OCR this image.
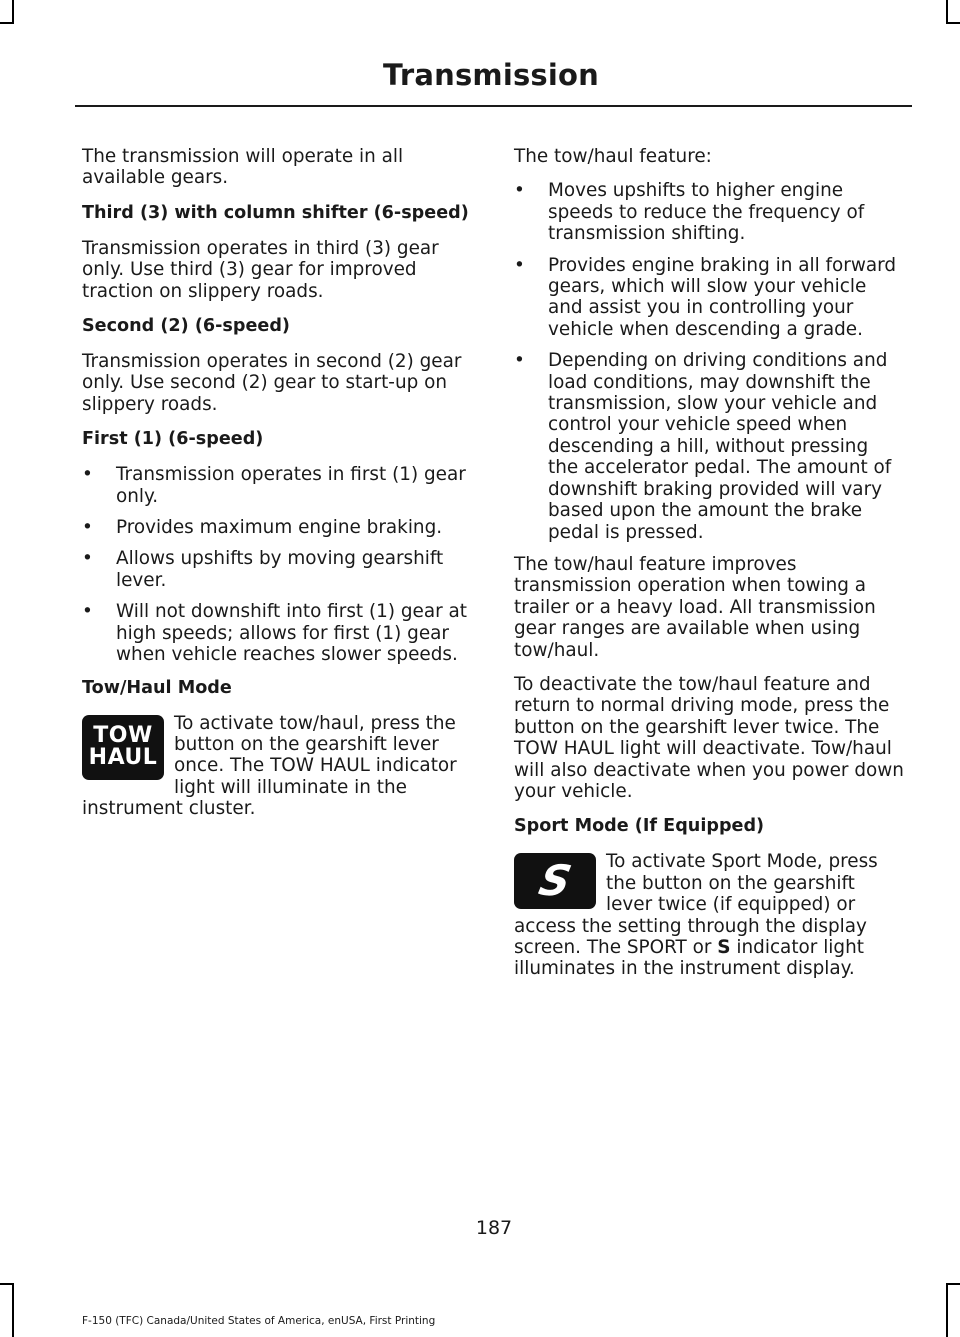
Transmission

The transmission will operate in all available gears.

Third (3) with column shifter (6-speed)

Transmission operates in third (3) gear only. Use third (3) gear for improved traction on slippery roads.

Second (2) (6-speed)

Transmission operates in second (2) gear only. Use second (2) gear to start-up on slippery roads.

First (1) (6-speed)
• Transmission operates in first (1) gear only.
• Provides maximum engine braking.
• Allows upshifts by moving gearshift lever.
• Will not downshift into first (1) gear at high speeds; allows for first (1) gear when vehicle reaches slower speeds.
Tow/Haul Mode
TOW
HAUL

To activate tow/haul, press the button on the gearshift lever once. The TOW HAUL indicator light will illuminate in the instrument cluster.

The tow/haul feature:

• Moves upshifts to higher engine speeds to reduce the frequency of transmission shifting.
• Provides engine braking in all forward gears, which will slow your vehicle and assist you in controlling your vehicle when descending a grade.
• Depending on driving conditions and load conditions, may downshift the transmission, slow your vehicle and control your vehicle speed when descending a hill, without pressing the accelerator pedal. The amount of downshift braking provided will vary based upon the amount the brake pedal is pressed.

The tow/haul feature improves transmission operation when towing a trailer or a heavy load. All transmission gear ranges are available when using tow/haul.

To deactivate the tow/haul feature and return to normal driving mode, press the button on the gearshift lever twice. The TOW HAUL light will deactivate. Tow/haul will also deactivate when you power down your vehicle.

Sport Mode (If Equipped)
S	To activate Sport Mode, press the button on the gearshift lever twice (if equipped) or access the setting through the display screen. The SPORT or S indicator light illuminates in the instrument display.

187
F-150 (TFC) Canada/United States of America, enUSA, First Printing
